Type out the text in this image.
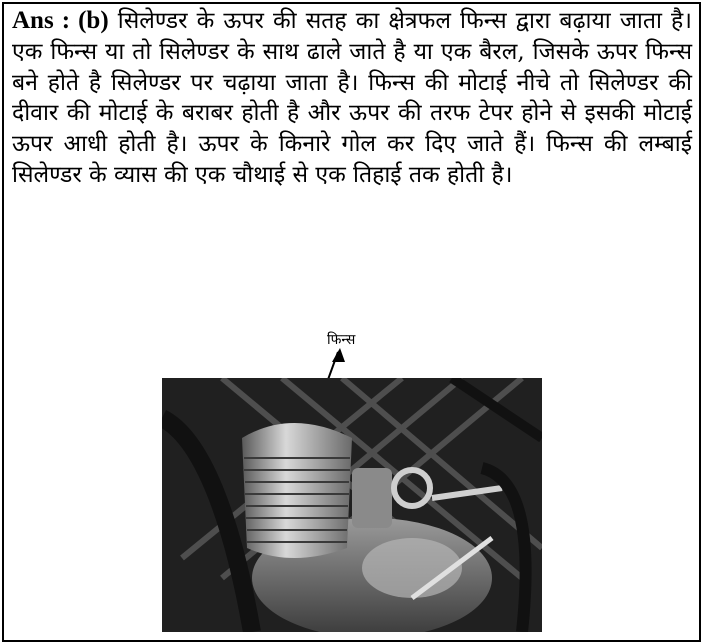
Ans : (b) सिलेण्डर के ऊपर की सतह का क्षेत्रफल फिन्स द्वारा बढ़ाया जाता है। एक फिन्स या तो सिलेण्डर के साथ ढाले जाते है या एक बैरल, जिसके ऊपर फिन्स बने होते है सिलेण्डर पर चढ़ाया जाता है। फिन्स की मोटाई नीचे तो सिलेण्डर की दीवार की मोटाई के बराबर होती है और ऊपर की तरफ टेपर होने से इसकी मोटाई ऊपर आधी होती है। ऊपर के किनारे गोल कर दिए जाते हैं। फिन्स की लम्बाई सिलेण्डर के व्यास की एक चौथाई से एक तिहाई तक होती है।
फिन्स
